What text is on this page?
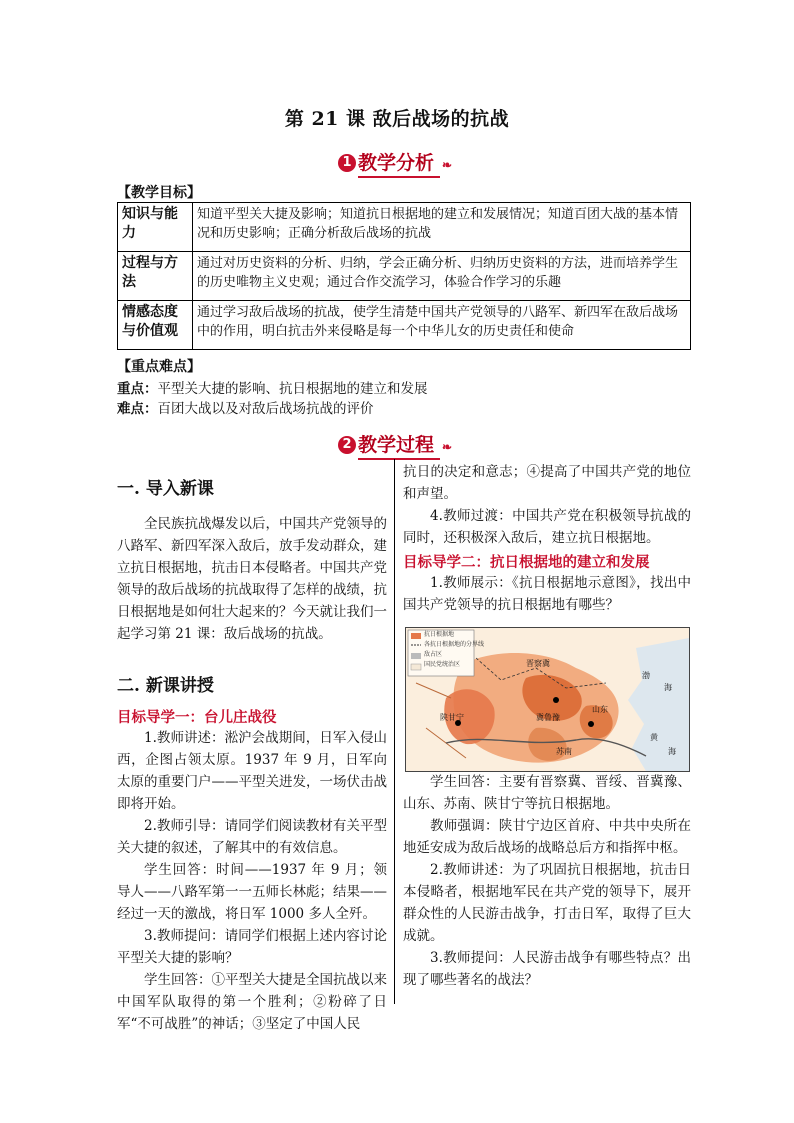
第 21 课 敌后战场的抗战
1 教学分析 ❧
【教学目标】
知识与能力	知道平型关大捷及影响；知道抗日根据地的建立和发展情况；知道百团大战的基本情况和历史影响；正确分析敌后战场的抗战
过程与方法	通过对历史资料的分析、归纳，学会正确分析、归纳历史资料的方法，进而培养学生的历史唯物主义史观；通过合作交流学习，体验合作学习的乐趣
情感态度与价值观	通过学习敌后战场的抗战，使学生清楚中国共产党领导的八路军、新四军在敌后战场中的作用，明白抗击外来侵略是每一个中华儿女的历史责任和使命
【重点难点】
重点：平型关大捷的影响、抗日根据地的建立和发展
难点：百团大战以及对敌后战场抗战的评价
2 教学过程 ❧
一. 导入新课
全民族抗战爆发以后，中国共产党领导的八路军、新四军深入敌后，放手发动群众，建立抗日根据地，抗击日本侵略者。中国共产党领导的敌后战场的抗战取得了怎样的战绩，抗日根据地是如何壮大起来的？今天就让我们一起学习第 21 课：敌后战场的抗战。
二. 新课讲授
目标导学一：台儿庄战役
1.教师讲述：淞沪会战期间，日军入侵山西，企图占领太原。1937 年 9 月，日军向太原的重要门户——平型关进发，一场伏击战即将开始。
2.教师引导：请同学们阅读教材有关平型关大捷的叙述，了解其中的有效信息。
学生回答：时间——1937 年 9 月；领导人——八路军第一一五师长林彪；结果——经过一天的激战，将日军 1000 多人全歼。
3.教师提问：请同学们根据上述内容讨论平型关大捷的影响？
学生回答：①平型关大捷是全国抗战以来中国军队取得的第一个胜利；②粉碎了日军“不可战胜”的神话；③坚定了中国人民
抗日的决定和意志；④提高了中国共产党的地位和声望。
4.教师过渡：中国共产党在积极领导抗战的同时，还积极深入敌后，建立抗日根据地。
目标导学二：抗日根据地的建立和发展
1.教师展示：《抗日根据地示意图》，找出中国共产党领导的抗日根据地有哪些？
抗日根据地
各抗日根据地的分界线
敌占区
国民党统治区
陕甘宁
晋察冀
冀鲁豫
山东
苏南
渤
海
黄
海
学生回答：主要有晋察冀、晋绥、晋冀豫、山东、苏南、陕甘宁等抗日根据地。
教师强调：陕甘宁边区首府、中共中央所在地延安成为敌后战场的战略总后方和指挥中枢。
2.教师讲述：为了巩固抗日根据地，抗击日本侵略者，根据地军民在共产党的领导下，展开群众性的人民游击战争，打击日军，取得了巨大成就。
3.教师提问：人民游击战争有哪些特点？出现了哪些著名的战法？
